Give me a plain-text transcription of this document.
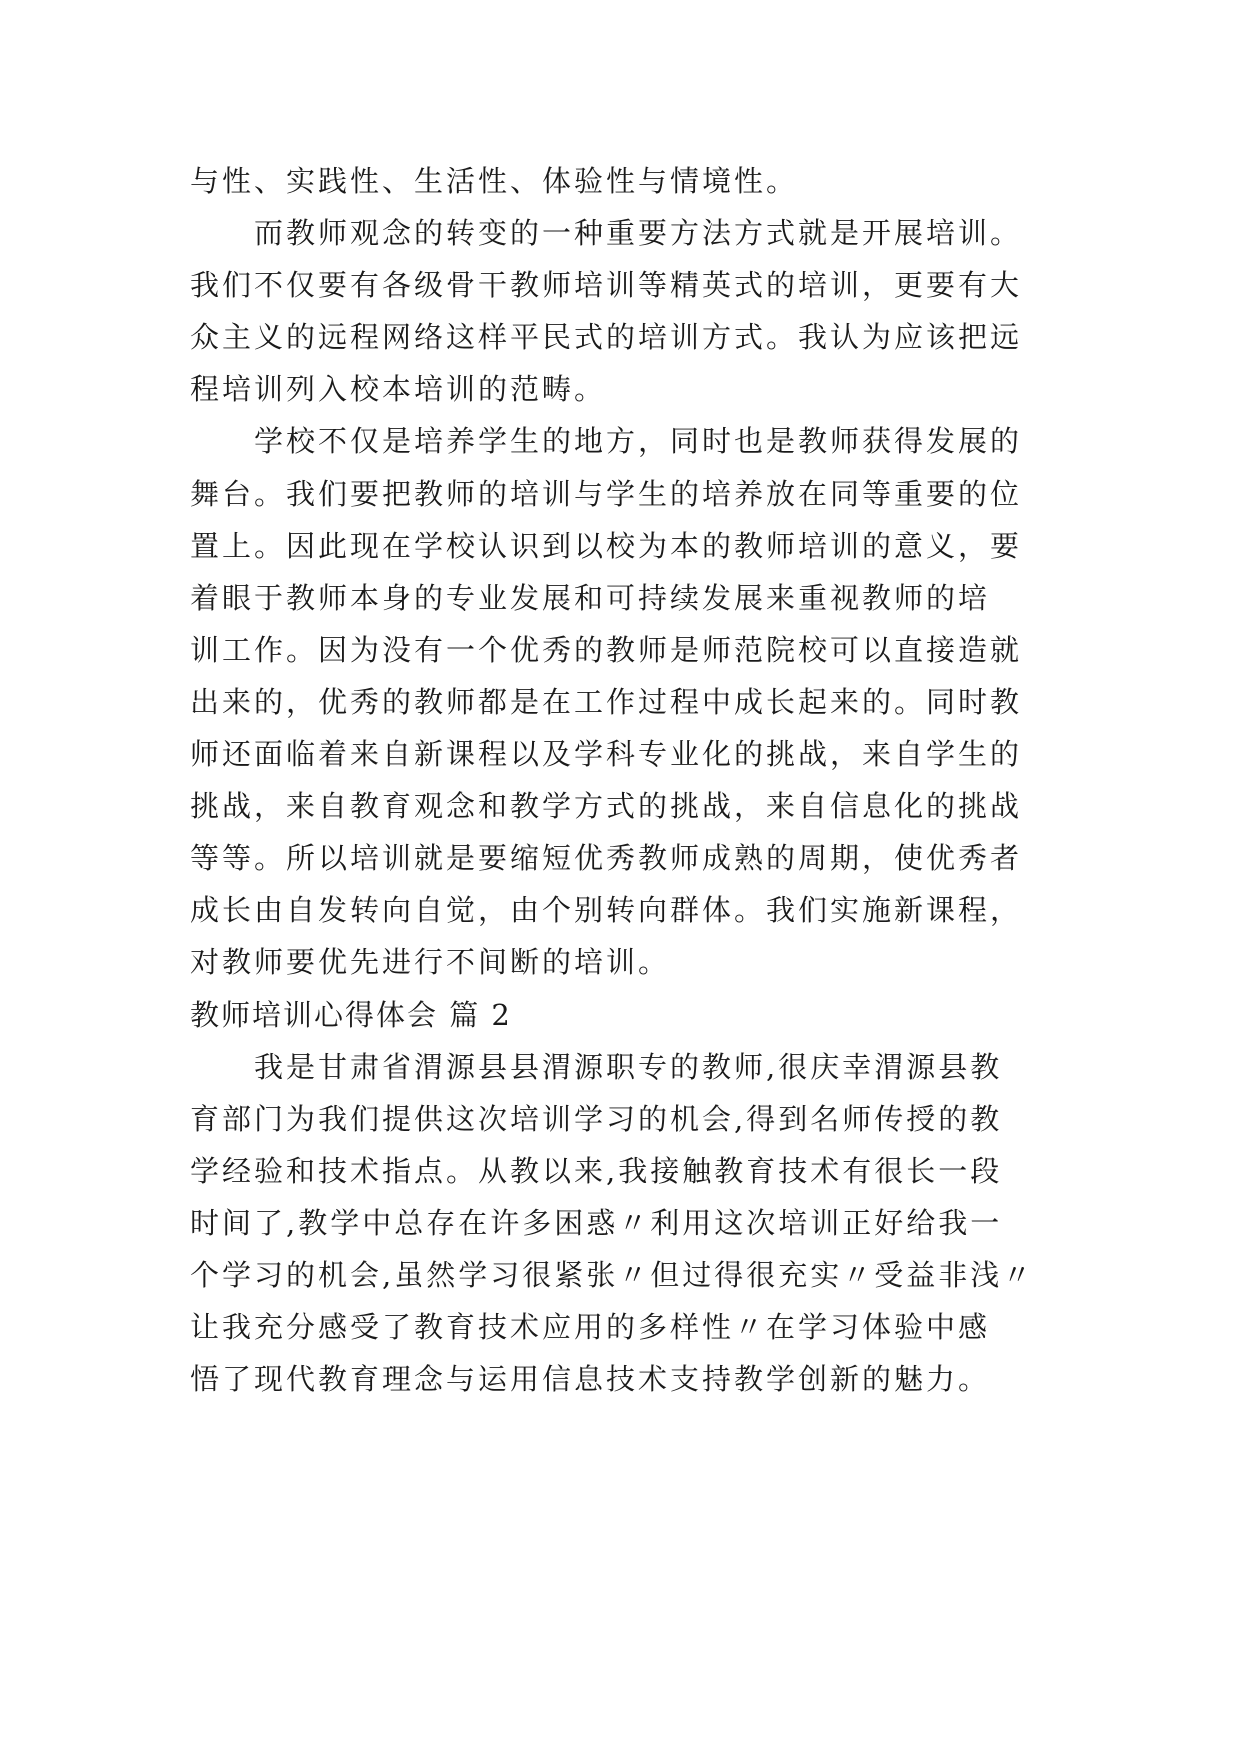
与性、实践性、生活性、体验性与情境性。
而教师观念的转变的一种重要方法方式就是开展培训。
我们不仅要有各级骨干教师培训等精英式的培训，更要有大
众主义的远程网络这样平民式的培训方式。我认为应该把远
程培训列入校本培训的范畴。
学校不仅是培养学生的地方，同时也是教师获得发展的
舞台。我们要把教师的培训与学生的培养放在同等重要的位
置上。因此现在学校认识到以校为本的教师培训的意义，要
着眼于教师本身的专业发展和可持续发展来重视教师的培
训工作。因为没有一个优秀的教师是师范院校可以直接造就
出来的，优秀的教师都是在工作过程中成长起来的。同时教
师还面临着来自新课程以及学科专业化的挑战，来自学生的
挑战，来自教育观念和教学方式的挑战，来自信息化的挑战
等等。所以培训就是要缩短优秀教师成熟的周期，使优秀者
成长由自发转向自觉，由个别转向群体。我们实施新课程，
对教师要优先进行不间断的培训。
教师培训心得体会 篇 2
我是甘肃省渭源县县渭源职专的教师,很庆幸渭源县教
育部门为我们提供这次培训学习的机会,得到名师传授的教
学经验和技术指点。从教以来,我接触教育技术有很长一段
时间了,教学中总存在许多困惑〃利用这次培训正好给我一
个学习的机会,虽然学习很紧张〃但过得很充实〃受益非浅〃
让我充分感受了教育技术应用的多样性〃在学习体验中感
悟了现代教育理念与运用信息技术支持教学创新的魅力。
